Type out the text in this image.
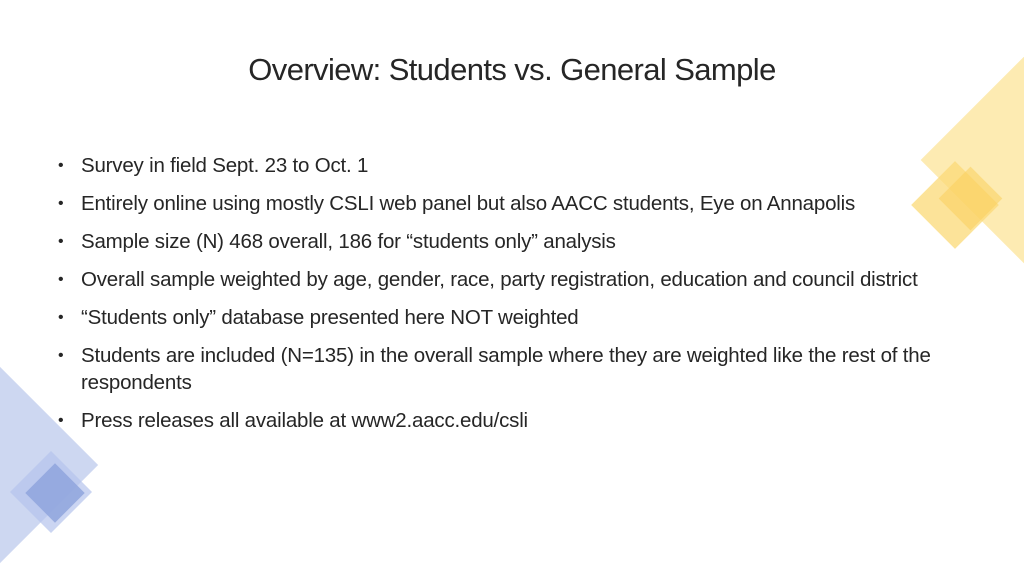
Overview: Students vs. General Sample
• Survey in field Sept. 23 to Oct. 1
• Entirely online using mostly CSLI web panel but also AACC students, Eye on Annapolis
• Sample size (N) 468 overall, 186 for “students only” analysis
• Overall sample weighted by age, gender, race, party registration, education and council district
• “Students only” database presented here NOT weighted
• Students are included (N=135) in the overall sample where they are weighted like the rest of the respondents
• Press releases all available at www2.aacc.edu/csli
